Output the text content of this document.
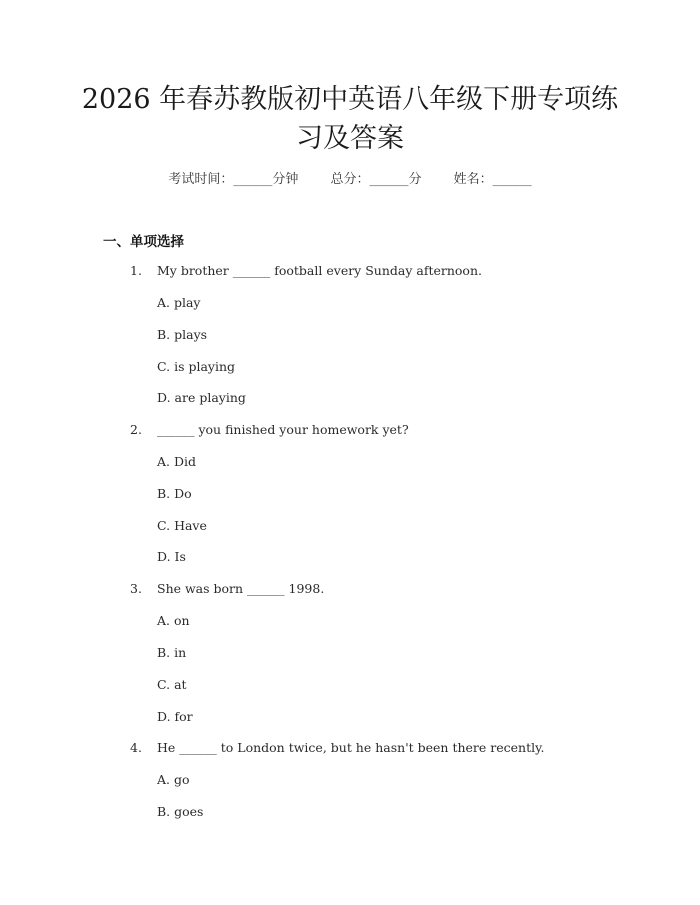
2026 年春苏教版初中英语八年级下册专项练习及答案
考试时间：______分钟 总分：______分 姓名：______
一、单项选择
1. My brother ______ football every Sunday afternoon.
A. play
B. plays
C. is playing
D. are playing
2. ______ you finished your homework yet?
A. Did
B. Do
C. Have
D. Is
3. She was born ______ 1998.
A. on
B. in
C. at
D. for
4. He ______ to London twice, but he hasn't been there recently.
A. go
B. goes
